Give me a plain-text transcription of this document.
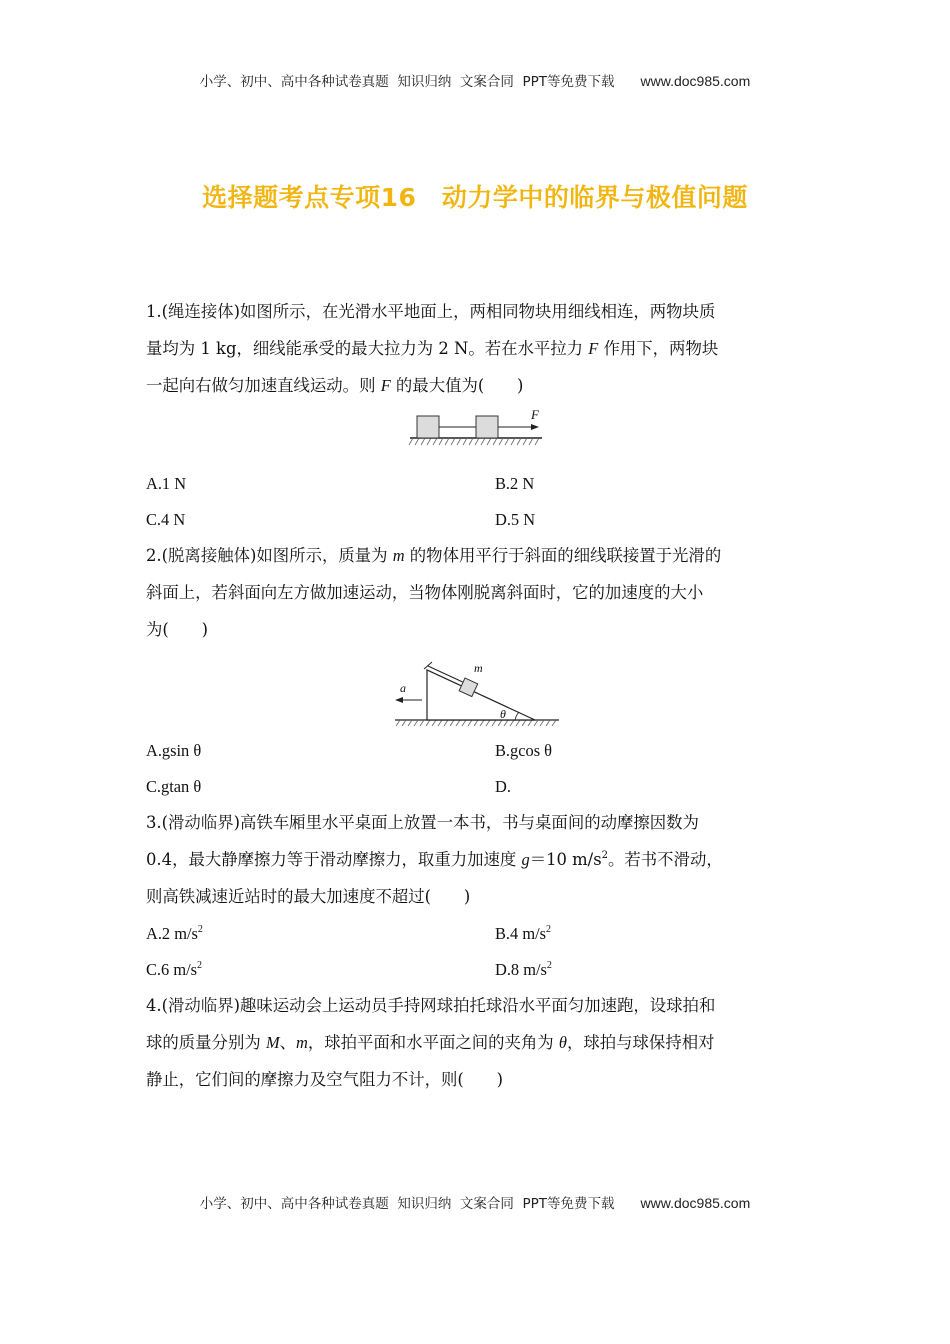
小学、初中、高中各种试卷真题  知识归纳  文案合同  PPT等免费下载 www.doc985.com
选择题考点专项16　动力学中的临界与极值问题
1.(绳连接体)如图所示，在光滑水平地面上，两相同物块用细线相连，两物块质
量均为 1 kg，细线能承受的最大拉力为 2 N。若在水平拉力 F 作用下，两物块
一起向右做匀加速直线运动。则 F 的最大值为(　　)
F
A.1 N	B.2 N
C.4 N	D.5 N
2.(脱离接触体)如图所示，质量为 m 的物体用平行于斜面的细线联接置于光滑的
斜面上，若斜面向左方做加速运动，当物体刚脱离斜面时，它的加速度的大小
为(　　)
m
θ
a
A.gsin θ	B.gcos θ
C.gtan θ	D.
3.(滑动临界)高铁车厢里水平桌面上放置一本书，书与桌面间的动摩擦因数为
0.4，最大静摩擦力等于滑动摩擦力，取重力加速度 g＝10 $m/s^2$。若书不滑动，
则高铁减速近站时的最大加速度不超过(　　)
A.2 $m/s^2$	B.4 $m/s^2$
C.6 $m/s^2$	D.8 $m/s^2$
4.(滑动临界)趣味运动会上运动员手持网球拍托球沿水平面匀加速跑，设球拍和
球的质量分别为 M、m，球拍平面和水平面之间的夹角为 θ，球拍与球保持相对
静止，它们间的摩擦力及空气阻力不计，则(　　)
小学、初中、高中各种试卷真题  知识归纳  文案合同  PPT等免费下载 www.doc985.com
